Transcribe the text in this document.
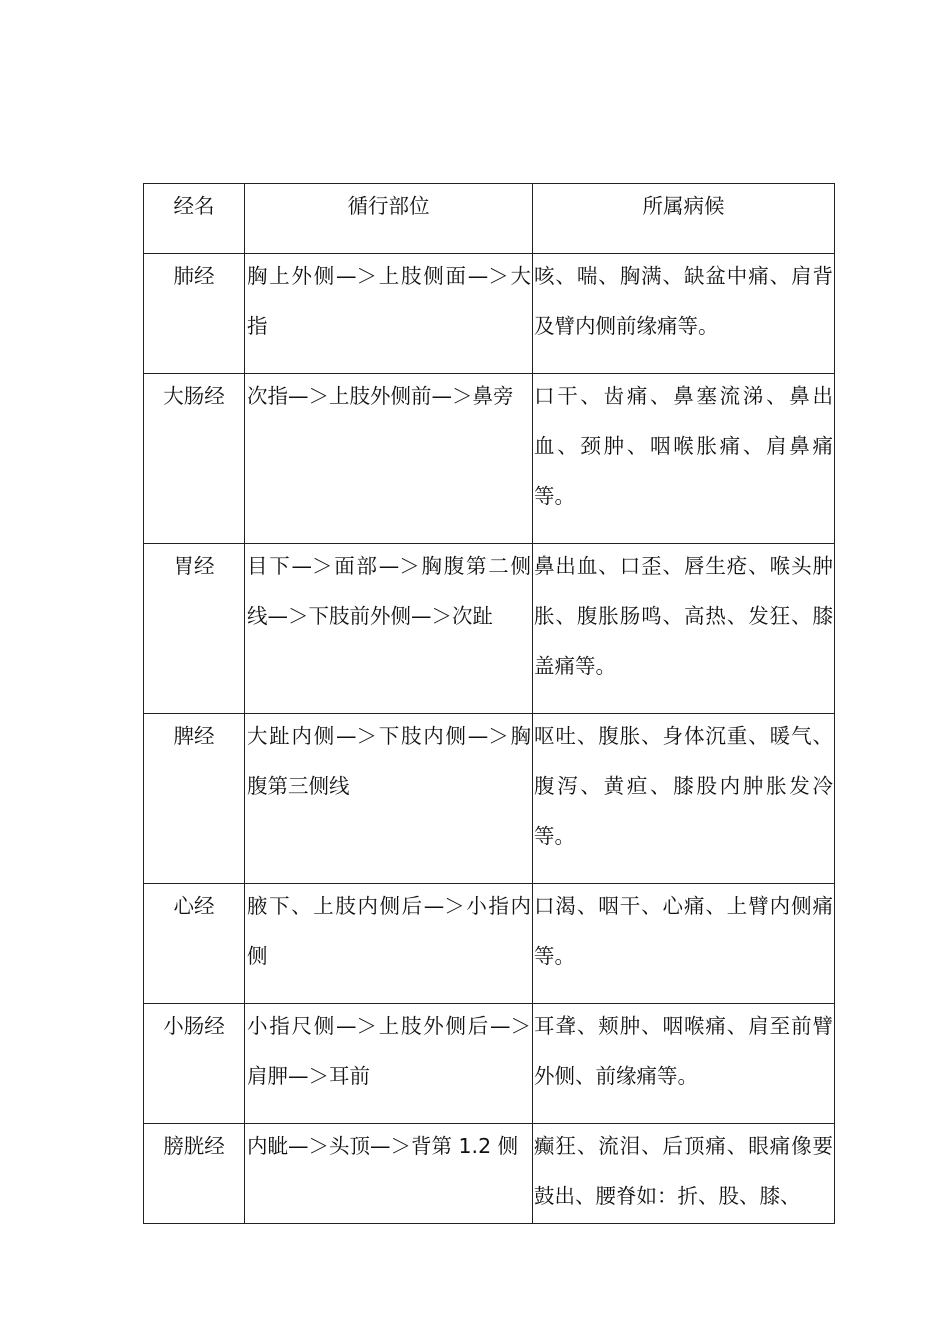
经名	循行部位	所属病候

肺经	胸上外侧—＞上肢侧面—＞大指	咳、喘、胸满、缺盆中痛、肩背及臂内侧前缘痛等。

大肠经	次指—＞上肢外侧前—＞鼻旁	口干、齿痛、鼻塞流涕、鼻出血、颈肿、咽喉胀痛、肩鼻痛等。

胃经	目下—＞面部—＞胸腹第二侧线—＞下肢前外侧—＞次趾	鼻出血、口歪、唇生疮、喉头肿胀、腹胀肠鸣、高热、发狂、膝盖痛等。

脾经	大趾内侧—＞下肢内侧—＞胸腹第三侧线	呕吐、腹胀、身体沉重、暖气、腹泻、黄疸、膝股内肿胀发冷等。

心经	腋下、上肢内侧后—＞小指内侧	口渴、咽干、心痛、上臂内侧痛等。

小肠经	小指尺侧—＞上肢外侧后—＞肩胛—＞耳前	耳聋、颊肿、咽喉痛、肩至前臂外侧、前缘痛等。

膀胱经	内眦—＞头顶—＞背第 1.2 侧	癫狂、流泪、后顶痛、眼痛像要鼓出、腰脊如：折、股、膝、
